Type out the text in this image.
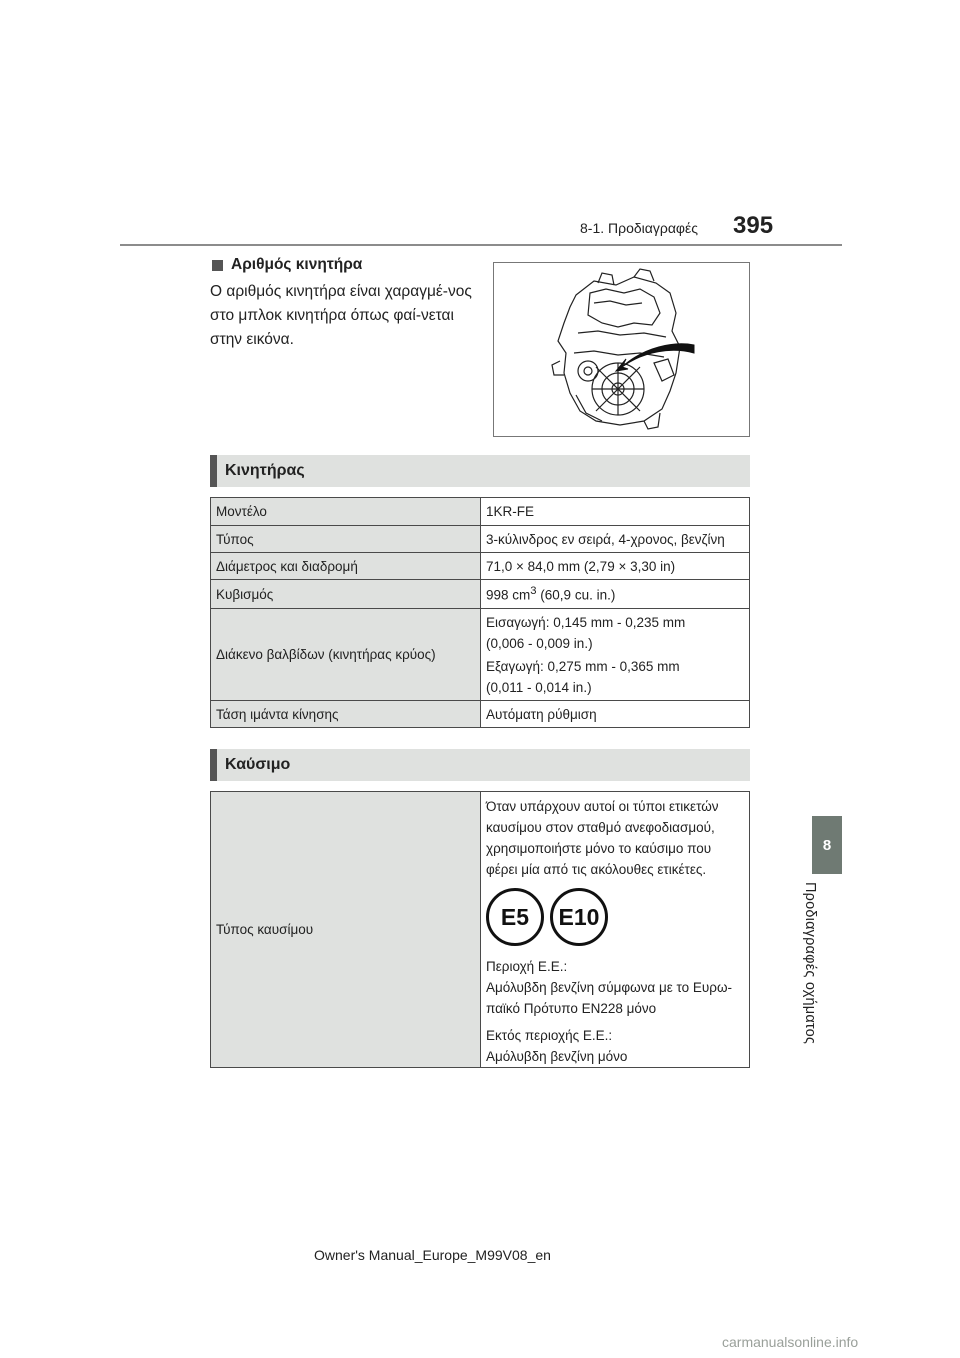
8-1. Προδιαγραφές 395
8
Προδιαγραφές οχήματος
Αριθμός κινητήρα
Ο αριθμός κινητήρα είναι χαραγμέ-νος στο μπλοκ κινητήρα όπως φαί-νεται στην εικόνα.
Κινητήρας
Μοντέλο	1KR-FE
Τύπος	3-κύλινδρος εν σειρά, 4-χρονος, βενζίνη
Διάμετρος και διαδρομή	71,0 × 84,0 mm (2,79 × 3,30 in)
Κυβισμός	998 $cm^3$ (60,9 cu. in.)
Διάκενο βαλβίδων (κινητήρας κρύος)	Εισαγωγή: 0,145 mm - 0,235 mm

(0,006 - 0,009 in.)

Εξαγωγή: 0,275 mm - 0,365 mm

(0,011 - 0,014 in.)

Τάση ιμάντα κίνησης	Αυτόματη ρύθμιση
Καύσιμο
Τύπος καυσίμου	

Όταν υπάρχουν αυτοί οι τύποι ετικετών καυσίμου στον σταθμό ανεφοδιασμού, χρησιμοποιήστε μόνο το καύσιμο που φέρει μία από τις ακόλουθες ετικέτες.

E5	E10

Περιοχή Ε.Ε.:

Αμόλυβδη βενζίνη σύμφωνα με το Ευρω-παϊκό Πρότυπο EN228 μόνο

Εκτός περιοχής Ε.Ε.:

Αμόλυβδη βενζίνη μόνο

Owner's Manual_Europe_M99V08_en
carmanualsonline.info
